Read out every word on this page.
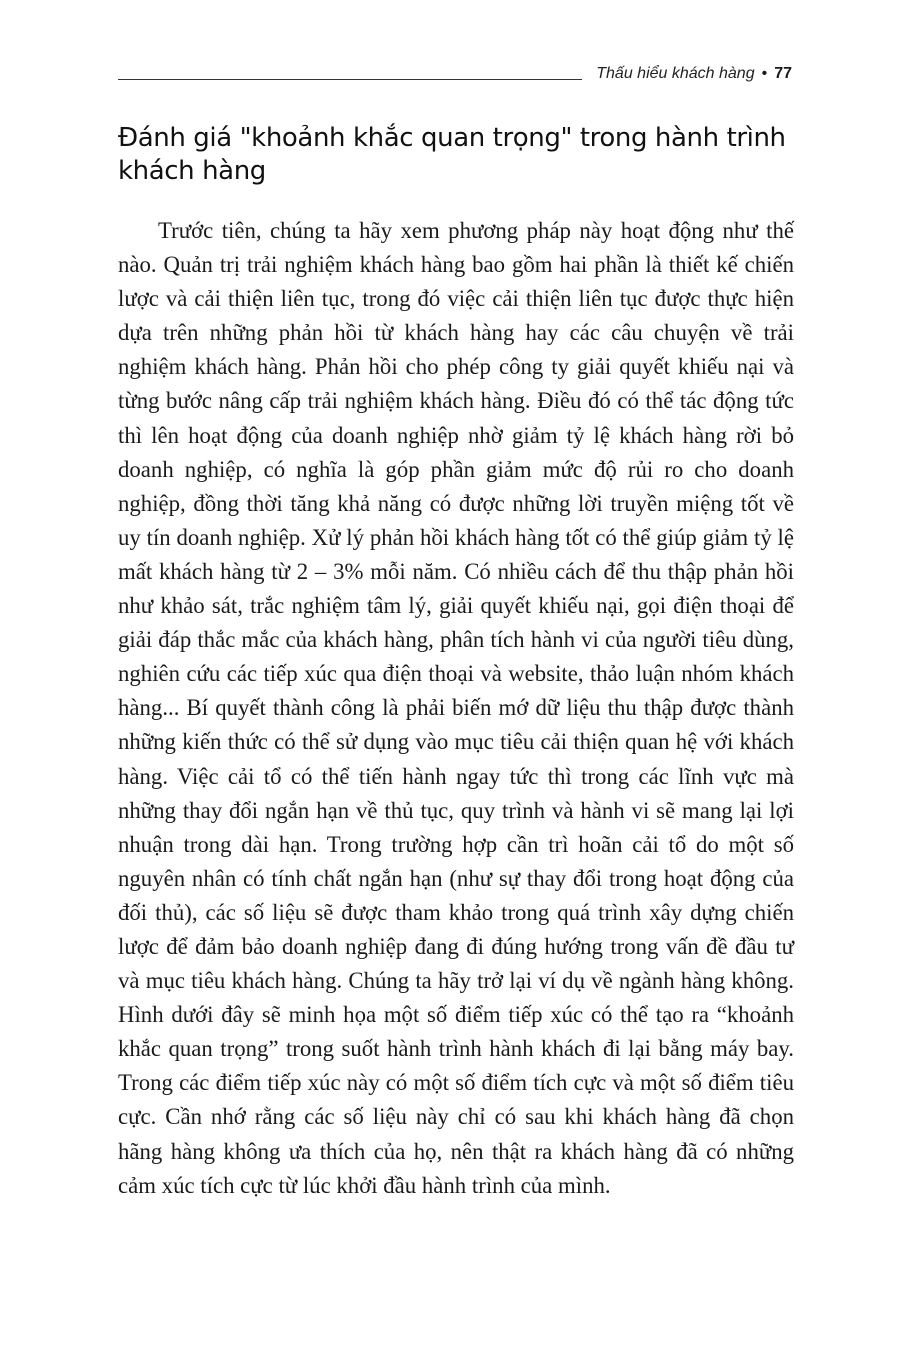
Thấu hiểu khách hàng • 77
Đánh giá "khoảnh khắc quan trọng" trong hành trình khách hàng

Trước tiên, chúng ta hãy xem phương pháp này hoạt động như thế nào. Quản trị trải nghiệm khách hàng bao gồm hai phần là thiết kế chiến lược và cải thiện liên tục, trong đó việc cải thiện liên tục được thực hiện dựa trên những phản hồi từ khách hàng hay các câu chuyện về trải nghiệm khách hàng. Phản hồi cho phép công ty giải quyết khiếu nại và từng bước nâng cấp trải nghiệm khách hàng. Điều đó có thể tác động tức thì lên hoạt động của doanh nghiệp nhờ giảm tỷ lệ khách hàng rời bỏ doanh nghiệp, có nghĩa là góp phần giảm mức độ rủi ro cho doanh nghiệp, đồng thời tăng khả năng có được những lời truyền miệng tốt về uy tín doanh nghiệp. Xử lý phản hồi khách hàng tốt có thể giúp giảm tỷ lệ mất khách hàng từ 2 – 3% mỗi năm. Có nhiều cách để thu thập phản hồi như khảo sát, trắc nghiệm tâm lý, giải quyết khiếu nại, gọi điện thoại để giải đáp thắc mắc của khách hàng, phân tích hành vi của người tiêu dùng, nghiên cứu các tiếp xúc qua điện thoại và website, thảo luận nhóm khách hàng... Bí quyết thành công là phải biến mớ dữ liệu thu thập được thành những kiến thức có thể sử dụng vào mục tiêu cải thiện quan hệ với khách hàng. Việc cải tổ có thể tiến hành ngay tức thì trong các lĩnh vực mà những thay đổi ngắn hạn về thủ tục, quy trình và hành vi sẽ mang lại lợi nhuận trong dài hạn. Trong trường hợp cần trì hoãn cải tổ do một số nguyên nhân có tính chất ngắn hạn (như sự thay đổi trong hoạt động của đối thủ), các số liệu sẽ được tham khảo trong quá trình xây dựng chiến lược để đảm bảo doanh nghiệp đang đi đúng hướng trong vấn đề đầu tư và mục tiêu khách hàng. Chúng ta hãy trở lại ví dụ về ngành hàng không. Hình dưới đây sẽ minh họa một số điểm tiếp xúc có thể tạo ra “khoảnh khắc quan trọng” trong suốt hành trình hành khách đi lại bằng máy bay. Trong các điểm tiếp xúc này có một số điểm tích cực và một số điểm tiêu cực. Cần nhớ rằng các số liệu này chỉ có sau khi khách hàng đã chọn hãng hàng không ưa thích của họ, nên thật ra khách hàng đã có những cảm xúc tích cực từ lúc khởi đầu hành trình của mình.
